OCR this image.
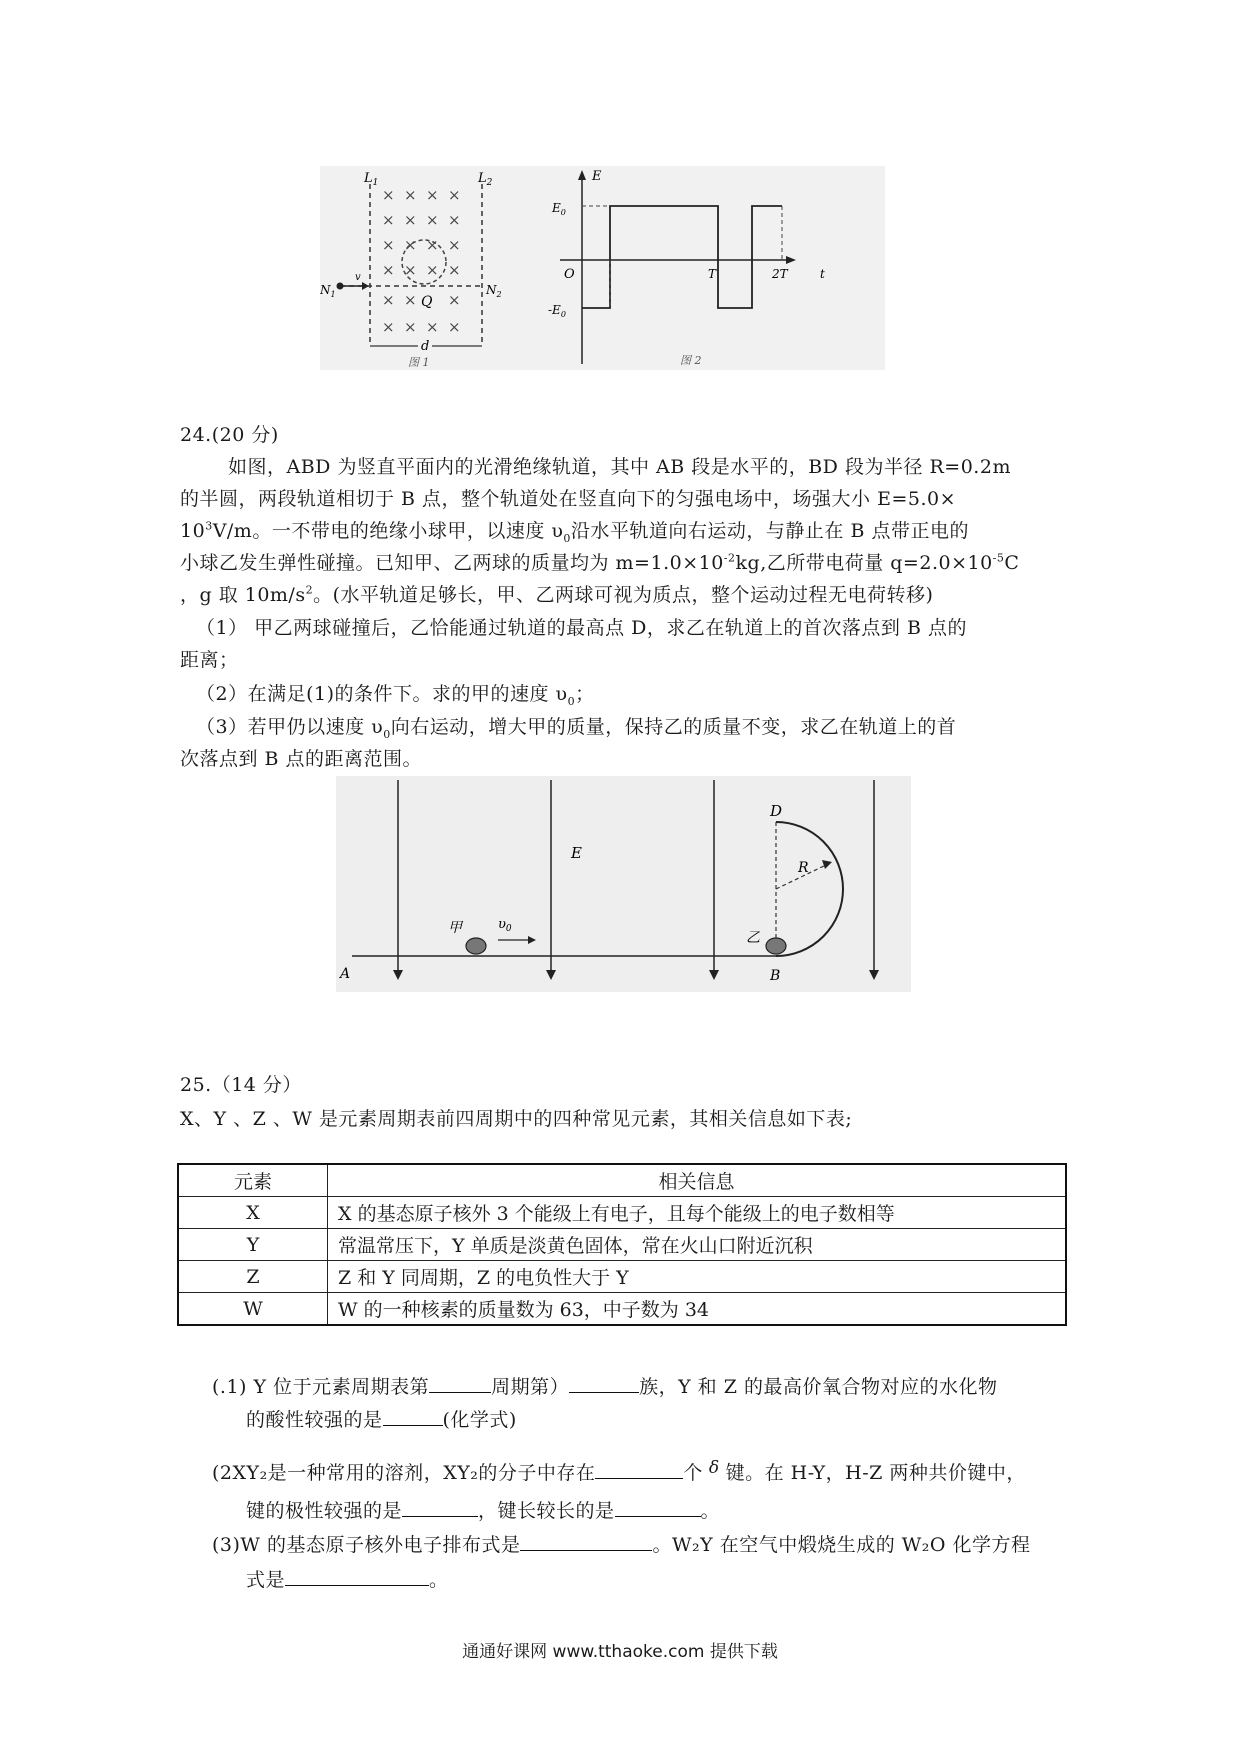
$L_1$	$L_2$
× × × ×
× × × ×
× × × ×
× × × ×
× × ×
× × × ×
v
$N_1$	$N_2$
Q
d
图 1
E
$E_0$
$-E_0$
O	T	2T	t
图 2
24.(20 分)
如图，ABD 为竖直平面内的光滑绝缘轨道，其中 AB 段是水平的，BD 段为半径 R=0.2m
的半圆，两段轨道相切于 B 点，整个轨道处在竖直向下的匀强电场中，场强大小 E=5.0×
$10^3V/m$。一不带电的绝缘小球甲，以速度 $\upsilon_0$沿水平轨道向右运动，与静止在 B 点带正电的
小球乙发生弹性碰撞。已知甲、乙两球的质量均为 $m=1.0\times 10^{-2}kg$,乙所带电荷量 $q=2.0\times 10^{-5}C$
，g 取 $10m/s^2$。(水平轨道足够长，甲、乙两球可视为质点，整个运动过程无电荷转移)
（1） 甲乙两球碰撞后，乙恰能通过轨道的最高点 D，求乙在轨道上的首次落点到 B 点的
距离；
（2）在满足(1)的条件下。求的甲的速度 $\upsilon_0$；
（3）若甲仍以速度 $\upsilon_0$向右运动，增大甲的质量，保持乙的质量不变，求乙在轨道上的首
次落点到 B 点的距离范围。
E
R
D
甲	$\upsilon_0$
乙
A	B
25.（14 分）
X、Y 、Z 、W 是元素周期表前四周期中的四种常见元素，其相关信息如下表;
元素	相关信息
X	X 的基态原子核外 3 个能级上有电子，且每个能级上的电子数相等
Y	常温常压下，Y 单质是淡黄色固体，常在火山口附近沉积
Z	Z 和 Y 同周期，Z 的电负性大于 Y
W	W 的一种核素的质量数为 63，中子数为 34
(.1) Y 位于元素周期表第	周期第）	族，Y 和 Z 的最高价氧合物对应的水化物
的酸性较强的是	(化学式)
(2XY₂是一种常用的溶剂，XY₂的分子中存在	个 δ 键。在 H-Y，H-Z 两种共价键中，
键的极性较强的是	，键长较长的是	。
(3)W 的基态原子核外电子排布式是	。W₂Y 在空气中煅烧生成的 W₂O 化学方程
式是	。
通通好课网 www.tthaoke.com 提供下载
